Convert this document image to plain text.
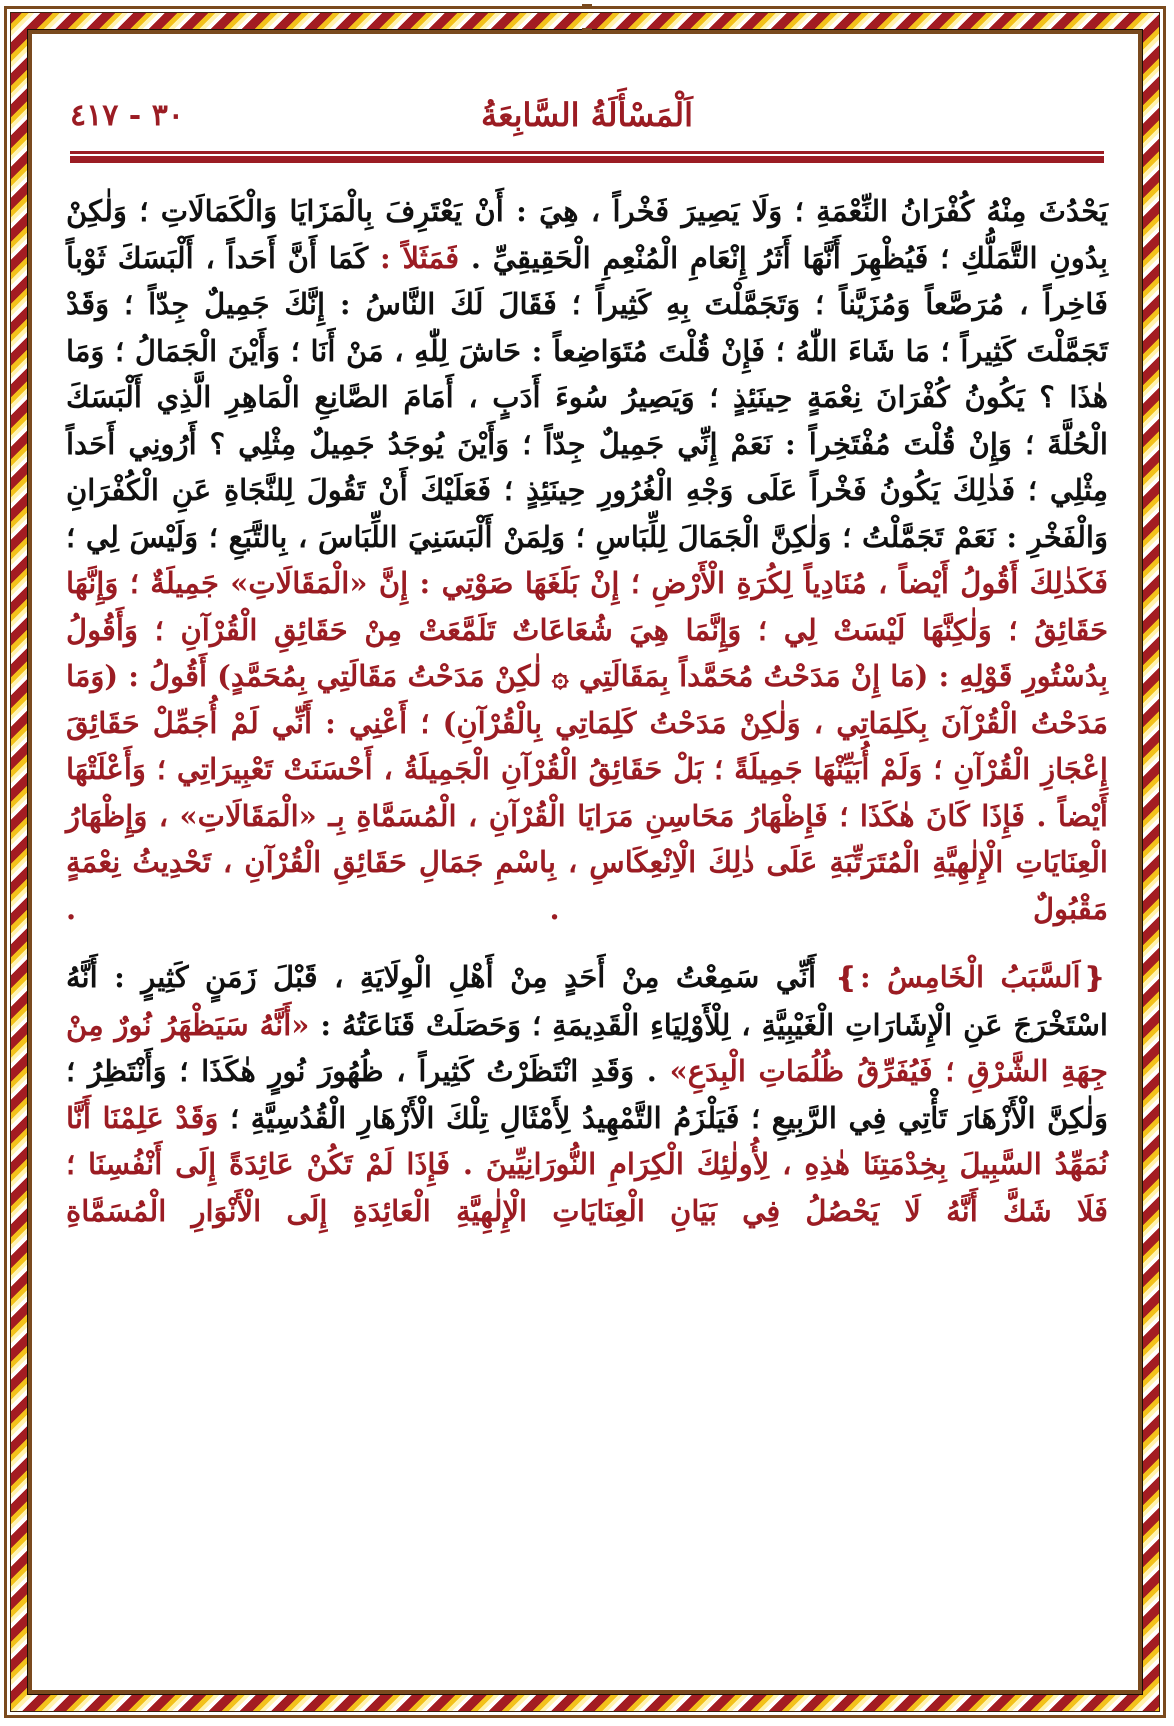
اَلْمَسْأَلَةُ السَّابِعَةُ
٣٠ - ٤١٧

يَحْدُثَ مِنْهُ كُفْرَانُ النِّعْمَةِ ؛ وَلَا يَصِيرَ فَخْراً ، هِيَ : أَنْ يَعْتَرِفَ بِالْمَزَايَا وَالْكَمَالَاتِ ؛ وَلٰكِنْ بِدُونِ التَّمَلُّكِ ؛ فَيُظْهِرَ أَنَّهَا أَثَرُ إِنْعَامِ الْمُنْعِمِ الْحَقِيقِيِّ . فَمَثَلاً : كَمَا أَنَّ أَحَداً ، أَلْبَسَكَ ثَوْباً فَاخِراً ، مُرَصَّعاً وَمُزَيَّناً ؛ وَتَجَمَّلْتَ بِهِ كَثِيراً ؛ فَقَالَ لَكَ النَّاسُ : إِنَّكَ جَمِيلٌ جِدّاً ؛ وَقَدْ تَجَمَّلْتَ كَثِيراً ؛ مَا شَاءَ اللّٰهُ ؛ فَإِنْ قُلْتَ مُتَوَاضِعاً : حَاشَ لِلّٰهِ ، مَنْ أَنَا ؛ وَأَيْنَ الْجَمَالُ ؛ وَمَا هٰذَا ؟ يَكُونُ كُفْرَانَ نِعْمَةٍ حِينَئِذٍ ؛ وَيَصِيرُ سُوءَ أَدَبٍ ، أَمَامَ الصَّانِعِ الْمَاهِرِ الَّذِي أَلْبَسَكَ الْحُلَّةَ ؛ وَإِنْ قُلْتَ مُفْتَخِراً : نَعَمْ إِنِّي جَمِيلٌ جِدّاً ؛ وَأَيْنَ يُوجَدُ جَمِيلٌ مِثْلِي ؟ أَرُونِي أَحَداً مِثْلِي ؛ فَذٰلِكَ يَكُونُ فَخْراً عَلَى وَجْهِ الْغُرُورِ حِينَئِذٍ ؛ فَعَلَيْكَ أَنْ تَقُولَ لِلنَّجَاةِ عَنِ الْكُفْرَانِ وَالْفَخْرِ : نَعَمْ تَجَمَّلْتُ ؛ وَلٰكِنَّ الْجَمَالَ لِلِّبَاسِ ؛ وَلِمَنْ أَلْبَسَنِيَ اللِّبَاسَ ، بِالتَّبَعِ ؛ وَلَيْسَ لِي ؛ فَكَذٰلِكَ أَقُولُ أَيْضاً ، مُنَادِياً لِكُرَةِ الْأَرْضِ ؛ إِنْ بَلَغَهَا صَوْتِي : إِنَّ «الْمَقَالَاتِ» جَمِيلَةٌ ؛ وَإِنَّهَا حَقَائِقُ ؛ وَلٰكِنَّهَا لَيْسَتْ لِي ؛ وَإِنَّمَا هِيَ شُعَاعَاتٌ تَلَمَّعَتْ مِنْ حَقَائِقِ الْقُرْآنِ ؛ وَأَقُولُ بِدُسْتُورِ قَوْلِهِ : (مَا إِنْ مَدَحْتُ مُحَمَّداً بِمَقَالَتِي ۞ لٰكِنْ مَدَحْتُ مَقَالَتِي بِمُحَمَّدٍ) أَقُولُ : (وَمَا مَدَحْتُ الْقُرْآنَ بِكَلِمَاتِي ، وَلٰكِنْ مَدَحْتُ كَلِمَاتِي بِالْقُرْآنِ) ؛ أَعْنِي : أَنِّي لَمْ أُجَمِّلْ حَقَائِقَ إِعْجَازِ الْقُرْآنِ ؛ وَلَمْ أُبَيِّنْهَا جَمِيلَةً ؛ بَلْ حَقَائِقُ الْقُرْآنِ الْجَمِيلَةُ ، أَحْسَنَتْ تَعْبِيرَاتِي ؛ وَأَعْلَتْهَا أَيْضاً . فَإِذَا كَانَ هٰكَذَا ؛ فَإِظْهَارُ مَحَاسِنِ مَرَايَا الْقُرْآنِ ، الْمُسَمَّاةِ بِـ «الْمَقَالَاتِ» ، وَإِظْهَارُ الْعِنَايَاتِ الْإِلٰهِيَّةِ الْمُتَرَتِّبَةِ عَلَى ذٰلِكَ الْاِنْعِكَاسِ ، بِاسْمِ جَمَالِ حَقَائِقِ الْقُرْآنِ ، تَحْدِيثُ نِعْمَةٍ مَقْبُولٌ . .

❴اَلسَّبَبُ الْخَامِسُ :❵ أَنِّي سَمِعْتُ مِنْ أَحَدٍ مِنْ أَهْلِ الْوِلَايَةِ ، قَبْلَ زَمَنٍ كَثِيرٍ : أَنَّهُ اسْتَخْرَجَ عَنِ الْإِشَارَاتِ الْغَيْبِيَّةِ ، لِلْأَوْلِيَاءِ الْقَدِيمَةِ ؛ وَحَصَلَتْ قَنَاعَتُهُ : «أَنَّهُ سَيَظْهَرُ نُورٌ مِنْ جِهَةِ الشَّرْقِ ؛ فَيُفَرِّقُ ظُلُمَاتِ الْبِدَعِ» . وَقَدِ انْتَظَرْتُ كَثِيراً ، ظُهُورَ نُورٍ هٰكَذَا ؛ وَأَنْتَظِرُ ؛ وَلٰكِنَّ الْأَزْهَارَ تَأْتِي فِي الرَّبِيعِ ؛ فَيَلْزَمُ التَّمْهِيدُ لِأَمْثَالِ تِلْكَ الْأَزْهَارِ الْقُدُسِيَّةِ ؛ وَقَدْ عَلِمْنَا أَنَّا نُمَهِّدُ السَّبِيلَ بِخِدْمَتِنَا هٰذِهِ ، لِأُولٰئِكَ الْكِرَامِ النُّورَانِيِّينَ . فَإِذَا لَمْ تَكُنْ عَائِدَةً إِلَى أَنْفُسِنَا ؛ فَلَا شَكَّ أَنَّهُ لَا يَحْصُلُ فِي بَيَانِ الْعِنَايَاتِ الْإِلٰهِيَّةِ الْعَائِدَةِ إِلَى الْأَنْوَارِ الْمُسَمَّاةِ
